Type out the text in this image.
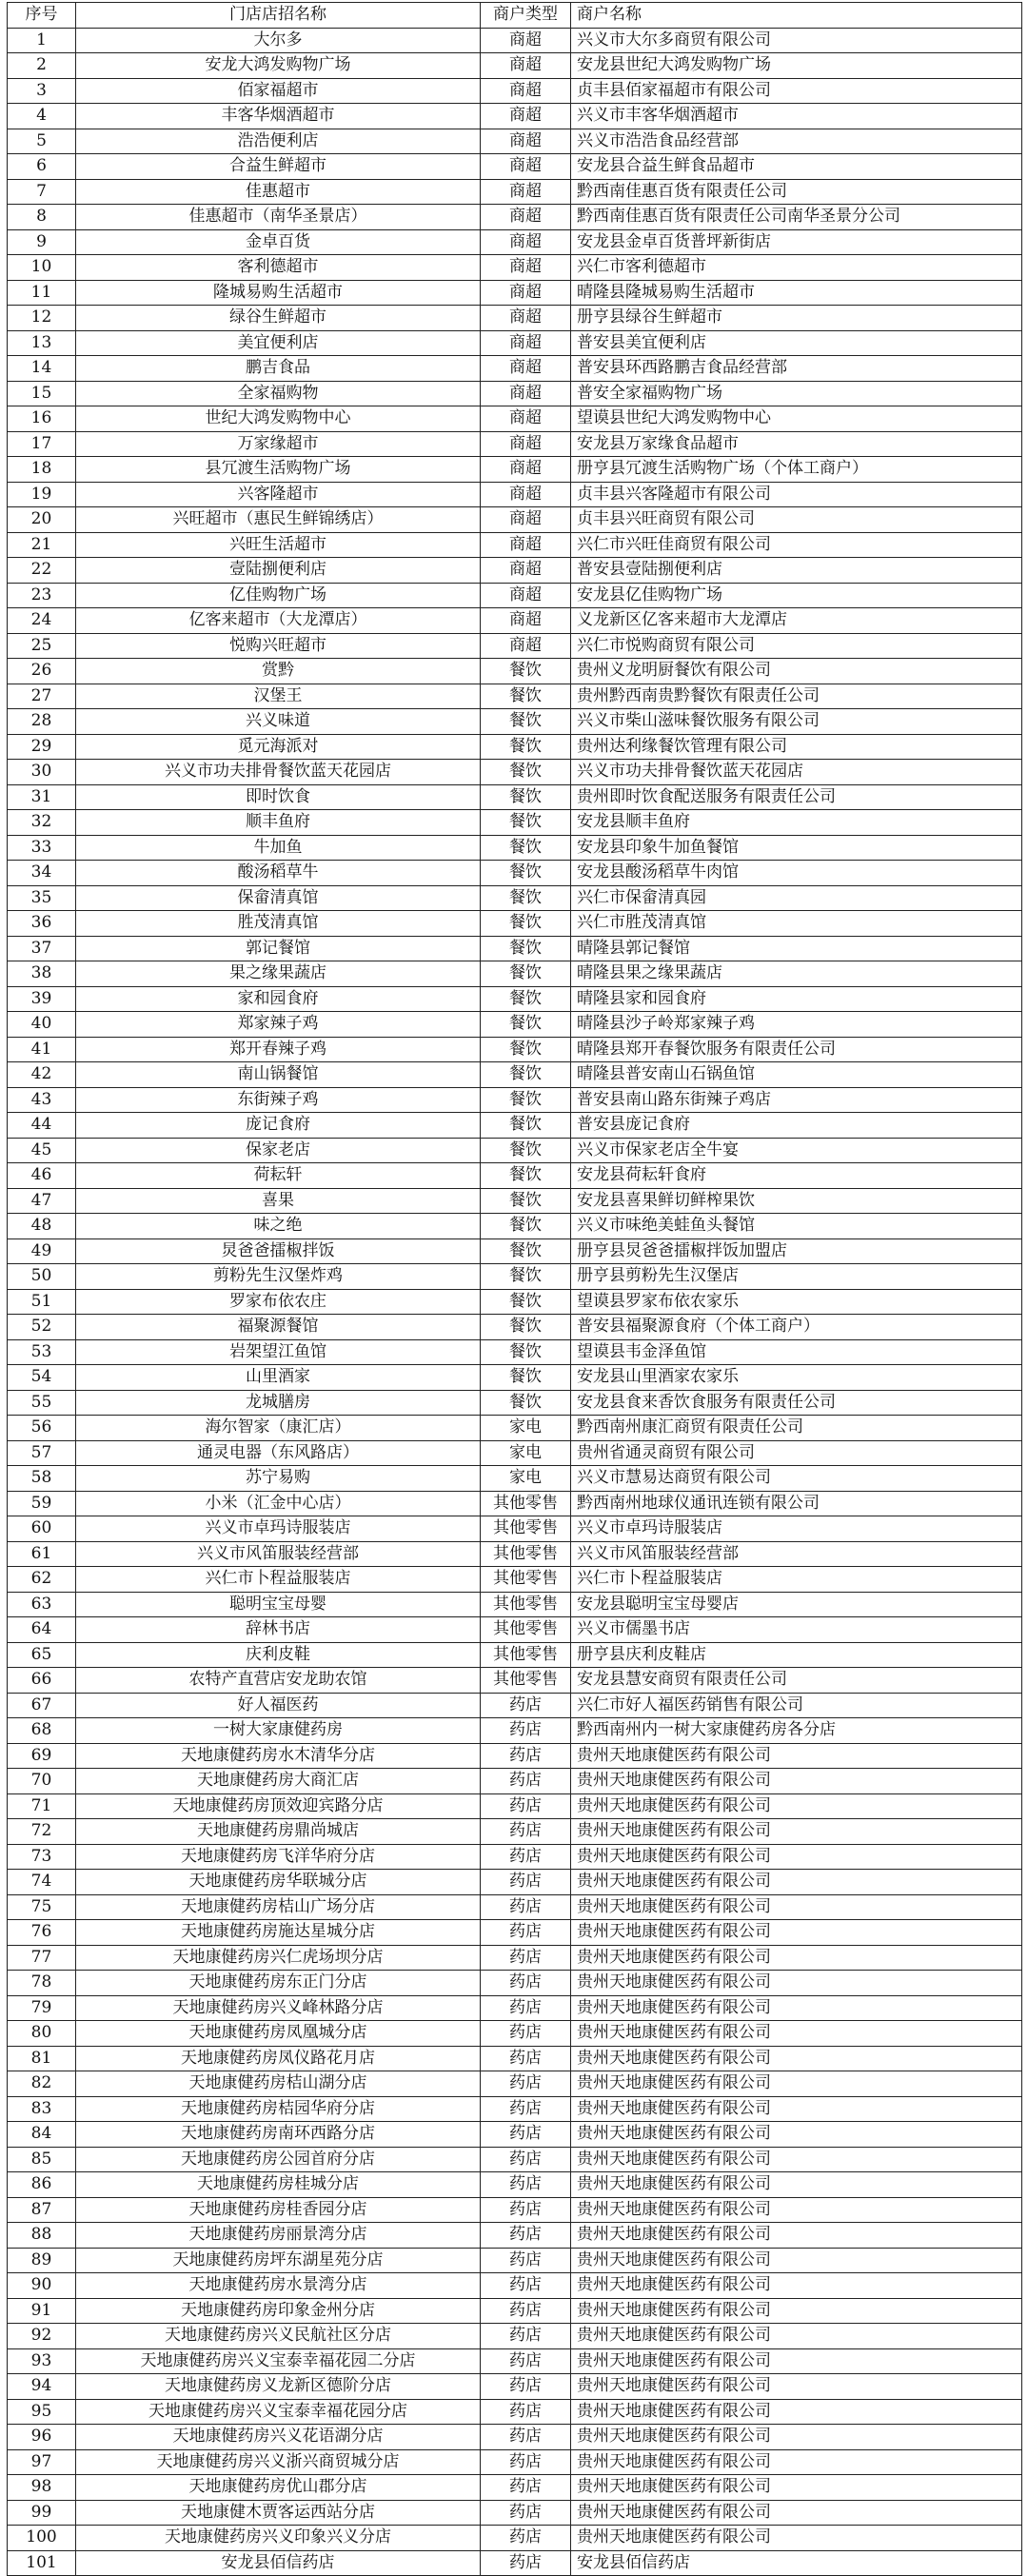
序号	门店店招名称	商户类型	商户名称
1	大尔多	商超	兴义市大尔多商贸有限公司
2	安龙大鸿发购物广场	商超	安龙县世纪大鸿发购物广场
3	佰家福超市	商超	贞丰县佰家福超市有限公司
4	丰客华烟酒超市	商超	兴义市丰客华烟酒超市
5	浩浩便利店	商超	兴义市浩浩食品经营部
6	合益生鲜超市	商超	安龙县合益生鲜食品超市
7	佳惠超市	商超	黔西南佳惠百货有限责任公司
8	佳惠超市（南华圣景店）	商超	黔西南佳惠百货有限责任公司南华圣景分公司
9	金卓百货	商超	安龙县金卓百货普坪新街店
10	客利德超市	商超	兴仁市客利德超市
11	隆城易购生活超市	商超	晴隆县隆城易购生活超市
12	绿谷生鲜超市	商超	册亨县绿谷生鲜超市
13	美宜便利店	商超	普安县美宜便利店
14	鹏吉食品	商超	普安县环西路鹏吉食品经营部
15	全家福购物	商超	普安全家福购物广场
16	世纪大鸿发购物中心	商超	望谟县世纪大鸿发购物中心
17	万家缘超市	商超	安龙县万家缘食品超市
18	县冗渡生活购物广场	商超	册亨县冗渡生活购物广场（个体工商户）
19	兴客隆超市	商超	贞丰县兴客隆超市有限公司
20	兴旺超市（惠民生鲜锦绣店）	商超	贞丰县兴旺商贸有限公司
21	兴旺生活超市	商超	兴仁市兴旺佳商贸有限公司
22	壹陆捌便利店	商超	普安县壹陆捌便利店
23	亿佳购物广场	商超	安龙县亿佳购物广场
24	亿客来超市（大龙潭店）	商超	义龙新区亿客来超市大龙潭店
25	悦购兴旺超市	商超	兴仁市悦购商贸有限公司
26	赏黔	餐饮	贵州义龙明厨餐饮有限公司
27	汉堡王	餐饮	贵州黔西南贵黔餐饮有限责任公司
28	兴义味道	餐饮	兴义市柴山滋味餐饮服务有限公司
29	觅元海派对	餐饮	贵州达利缘餐饮管理有限公司
30	兴义市功夫排骨餐饮蓝天花园店	餐饮	兴义市功夫排骨餐饮蓝天花园店
31	即时饮食	餐饮	贵州即时饮食配送服务有限责任公司
32	顺丰鱼府	餐饮	安龙县顺丰鱼府
33	牛加鱼	餐饮	安龙县印象牛加鱼餐馆
34	酸汤稻草牛	餐饮	安龙县酸汤稻草牛肉馆
35	保畲清真馆	餐饮	兴仁市保畲清真园
36	胜茂清真馆	餐饮	兴仁市胜茂清真馆
37	郭记餐馆	餐饮	晴隆县郭记餐馆
38	果之缘果蔬店	餐饮	晴隆县果之缘果蔬店
39	家和园食府	餐饮	晴隆县家和园食府
40	郑家辣子鸡	餐饮	晴隆县沙子岭郑家辣子鸡
41	郑开春辣子鸡	餐饮	晴隆县郑开春餐饮服务有限责任公司
42	南山锅餐馆	餐饮	晴隆县普安南山石锅鱼馆
43	东街辣子鸡	餐饮	普安县南山路东街辣子鸡店
44	庞记食府	餐饮	普安县庞记食府
45	保家老店	餐饮	兴义市保家老店全牛宴
46	荷耘轩	餐饮	安龙县荷耘轩食府
47	喜果	餐饮	安龙县喜果鲜切鲜榨果饮
48	味之绝	餐饮	兴义市味绝美蛙鱼头餐馆
49	炅爸爸擂椒拌饭	餐饮	册亨县炅爸爸擂椒拌饭加盟店
50	剪粉先生汉堡炸鸡	餐饮	册亨县剪粉先生汉堡店
51	罗家布依农庄	餐饮	望谟县罗家布依农家乐
52	福聚源餐馆	餐饮	普安县福聚源食府（个体工商户）
53	岩架望江鱼馆	餐饮	望谟县韦金泽鱼馆
54	山里酒家	餐饮	安龙县山里酒家农家乐
55	龙城膳房	餐饮	安龙县食来香饮食服务有限责任公司
56	海尔智家（康汇店）	家电	黔西南州康汇商贸有限责任公司
57	通灵电器（东风路店）	家电	贵州省通灵商贸有限公司
58	苏宁易购	家电	兴义市慧易达商贸有限公司
59	小米（汇金中心店）	其他零售	黔西南州地球仪通讯连锁有限公司
60	兴义市卓玛诗服装店	其他零售	兴义市卓玛诗服装店
61	兴义市风笛服装经营部	其他零售	兴义市风笛服装经营部
62	兴仁市卜程益服装店	其他零售	兴仁市卜程益服装店
63	聪明宝宝母婴	其他零售	安龙县聪明宝宝母婴店
64	辞林书店	其他零售	兴义市儒墨书店
65	庆利皮鞋	其他零售	册亨县庆利皮鞋店
66	农特产直营店安龙助农馆	其他零售	安龙县慧安商贸有限责任公司
67	好人福医药	药店	兴仁市好人福医药销售有限公司
68	一树大家康健药房	药店	黔西南州内一树大家康健药房各分店
69	天地康健药房水木清华分店	药店	贵州天地康健医药有限公司
70	天地康健药房大商汇店	药店	贵州天地康健医药有限公司
71	天地康健药房顶效迎宾路分店	药店	贵州天地康健医药有限公司
72	天地康健药房鼎尚城店	药店	贵州天地康健医药有限公司
73	天地康健药房飞洋华府分店	药店	贵州天地康健医药有限公司
74	天地康健药房华联城分店	药店	贵州天地康健医药有限公司
75	天地康健药房桔山广场分店	药店	贵州天地康健医药有限公司
76	天地康健药房施达星城分店	药店	贵州天地康健医药有限公司
77	天地康健药房兴仁虎场坝分店	药店	贵州天地康健医药有限公司
78	天地康健药房东正门分店	药店	贵州天地康健医药有限公司
79	天地康健药房兴义峰林路分店	药店	贵州天地康健医药有限公司
80	天地康健药房凤凰城分店	药店	贵州天地康健医药有限公司
81	天地康健药房凤仪路花月店	药店	贵州天地康健医药有限公司
82	天地康健药房桔山湖分店	药店	贵州天地康健医药有限公司
83	天地康健药房桔园华府分店	药店	贵州天地康健医药有限公司
84	天地康健药房南环西路分店	药店	贵州天地康健医药有限公司
85	天地康健药房公园首府分店	药店	贵州天地康健医药有限公司
86	天地康健药房桂城分店	药店	贵州天地康健医药有限公司
87	天地康健药房桂香园分店	药店	贵州天地康健医药有限公司
88	天地康健药房丽景湾分店	药店	贵州天地康健医药有限公司
89	天地康健药房坪东湖星苑分店	药店	贵州天地康健医药有限公司
90	天地康健药房水景湾分店	药店	贵州天地康健医药有限公司
91	天地康健药房印象金州分店	药店	贵州天地康健医药有限公司
92	天地康健药房兴义民航社区分店	药店	贵州天地康健医药有限公司
93	天地康健药房兴义宝泰幸福花园二分店	药店	贵州天地康健医药有限公司
94	天地康健药房义龙新区德阶分店	药店	贵州天地康健医药有限公司
95	天地康健药房兴义宝泰幸福花园分店	药店	贵州天地康健医药有限公司
96	天地康健药房兴义花语湖分店	药店	贵州天地康健医药有限公司
97	天地康健药房兴义浙兴商贸城分店	药店	贵州天地康健医药有限公司
98	天地康健药房优山郡分店	药店	贵州天地康健医药有限公司
99	天地康健木贾客运西站分店	药店	贵州天地康健医药有限公司
100	天地康健药房兴义印象兴义分店	药店	贵州天地康健医药有限公司
101	安龙县佰信药店	药店	安龙县佰信药店
